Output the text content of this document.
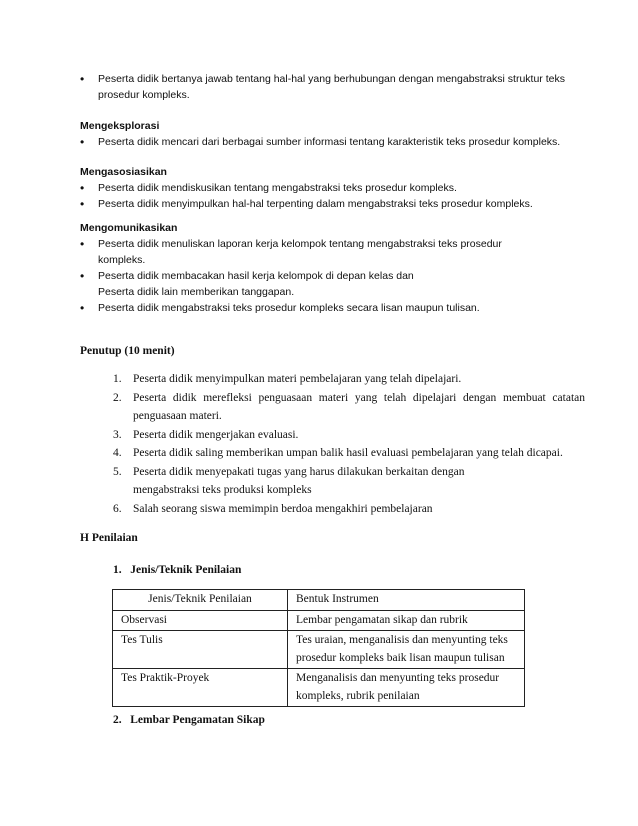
• Peserta didik bertanya jawab tentang hal-hal yang berhubungan dengan mengabstraksi struktur teks prosedur kompleks.
Mengeksplorasi
• Peserta didik mencari dari berbagai sumber informasi tentang karakteristik teks prosedur kompleks.
Mengasosiasikan
• Peserta didik mendiskusikan tentang mengabstraksi teks prosedur kompleks.
• Peserta didik menyimpulkan hal-hal terpenting dalam mengabstraksi teks prosedur kompleks.
Mengomunikasikan
• Peserta didik menuliskan laporan kerja kelompok tentang mengabstraksi teks prosedur kompleks.
• Peserta didik membacakan hasil kerja kelompok di depan kelas dan Peserta didik lain memberikan tanggapan.
• Peserta didik mengabstraksi teks prosedur kompleks secara lisan maupun tulisan.
Penutup (10 menit)
1. Peserta didik menyimpulkan materi pembelajaran yang telah dipelajari.
2. Peserta didik merefleksi penguasaan materi yang telah dipelajari dengan membuat catatan penguasaan materi.
3. Peserta didik mengerjakan evaluasi.
4. Peserta didik saling memberikan umpan balik hasil evaluasi pembelajaran yang telah dicapai.
5. Peserta didik menyepakati tugas yang harus dilakukan berkaitan dengan mengabstraksi teks produksi kompleks
6. Salah seorang siswa memimpin berdoa mengakhiri pembelajaran
H Penilaian
1.   Jenis/Teknik Penilaian
Jenis/Teknik Penilaian	Bentuk Instrumen
Observasi	Lembar pengamatan sikap dan rubrik
Tes Tulis	Tes uraian, menganalisis dan menyunting teks prosedur kompleks baik lisan maupun tulisan
Tes Praktik-Proyek	Menganalisis dan menyunting teks prosedur kompleks, rubrik penilaian
2.   Lembar Pengamatan Sikap
